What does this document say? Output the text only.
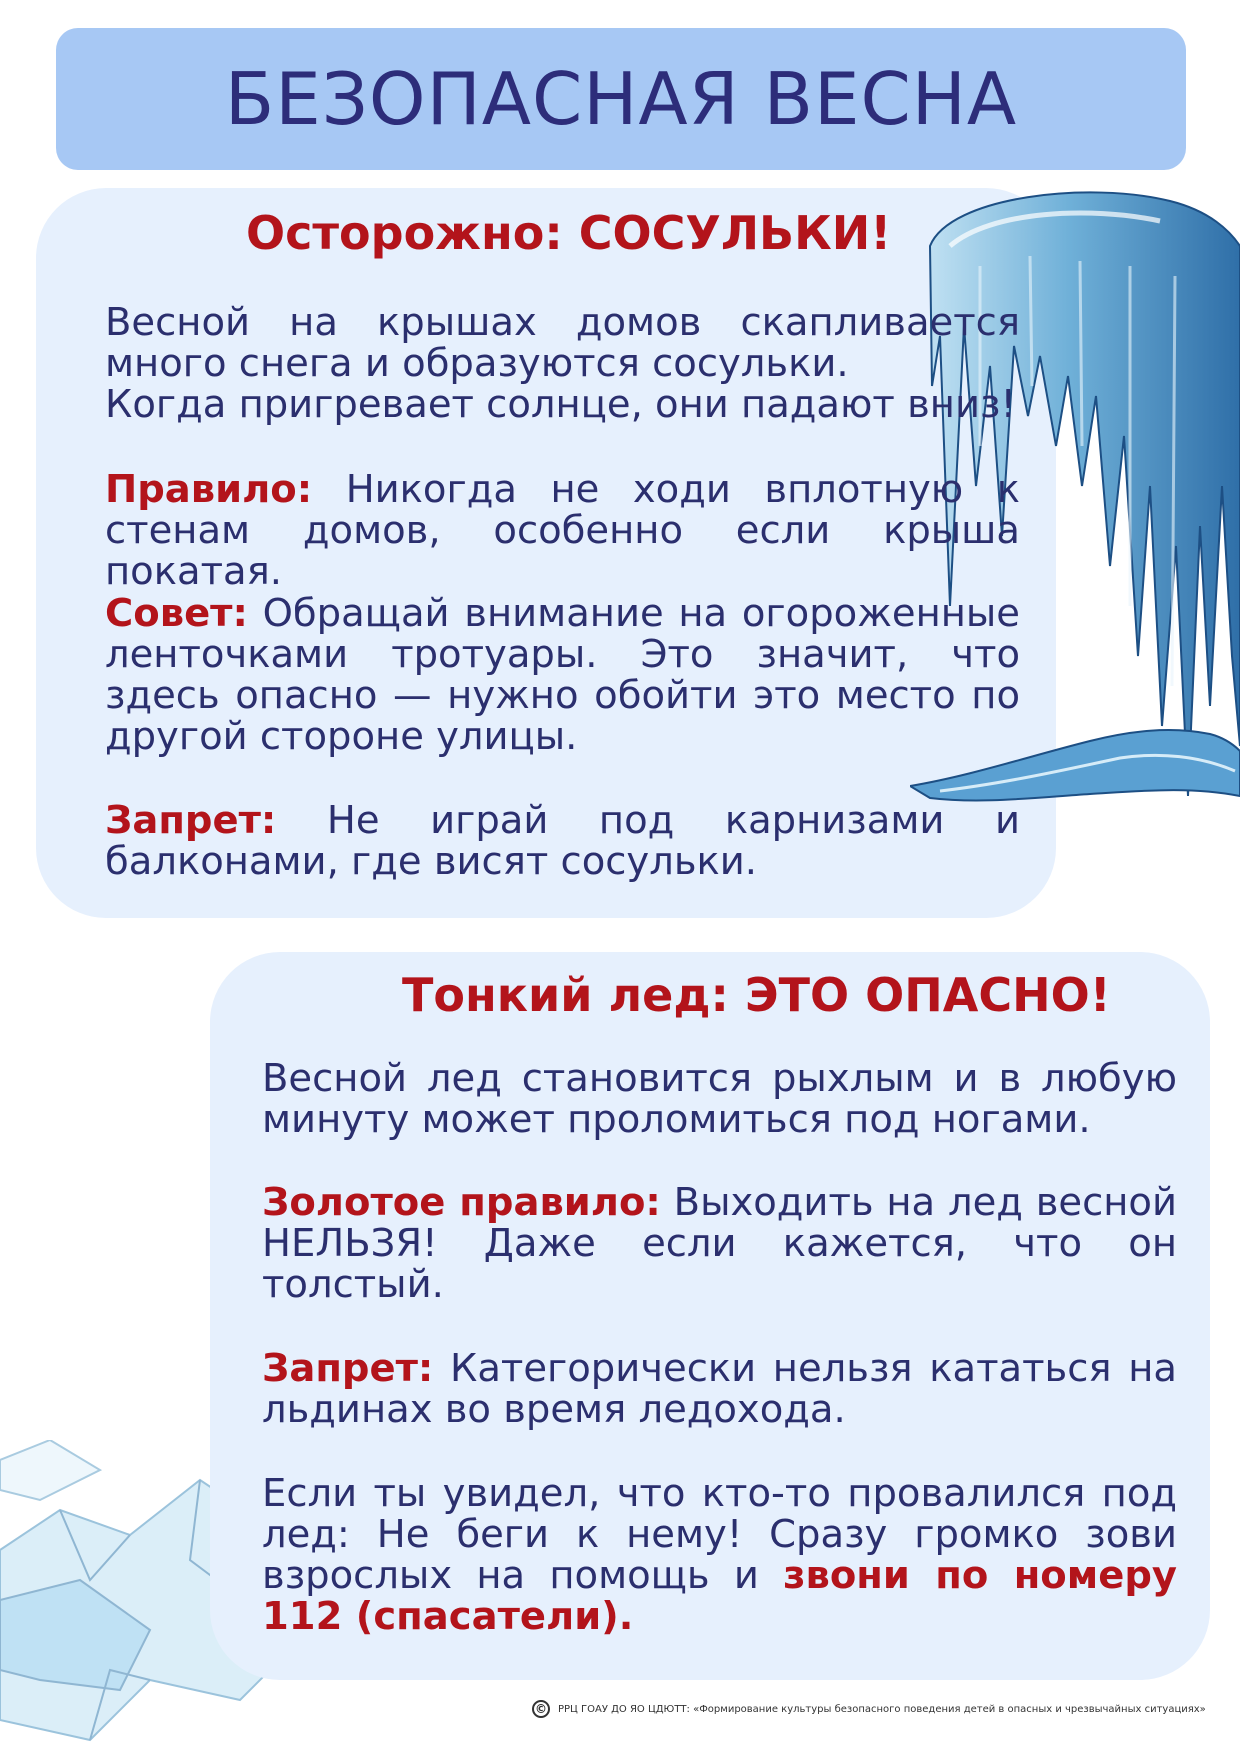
БЕЗОПАСНАЯ ВЕСНА
Осторожно: СОСУЛЬКИ!

Весной на крышах домов скапливается много снега и образуются сосульки.
Когда пригревает солнце, они падают вниз!

Правило: Никогда не ходи вплотную к стенам домов, особенно если крыша покатая.

Совет: Обращай внимание на огороженные ленточками тротуары. Это значит, что здесь опасно — нужно обойти это место по другой стороне улицы.

Запрет: Не играй под карнизами и балконами, где висят сосульки.

Тонкий лед: ЭТО ОПАСНО!

Весной лед становится рыхлым и в любую минуту может проломиться под ногами.

Золотое правило: Выходить на лед весной НЕЛЬЗЯ! Даже если кажется, что он толстый.

Запрет: Категорически нельзя кататься на льдинах во время ледохода.

Если ты увидел, что кто-то провалился под лед: Не беги к нему! Сразу громко зови взрослых на помощь и звони по номеру 112 (спасатели).

©	РРЦ ГОАУ ДО ЯО ЦДЮТТ: «Формирование культуры безопасного поведения детей в опасных и чрезвычайных ситуациях»
